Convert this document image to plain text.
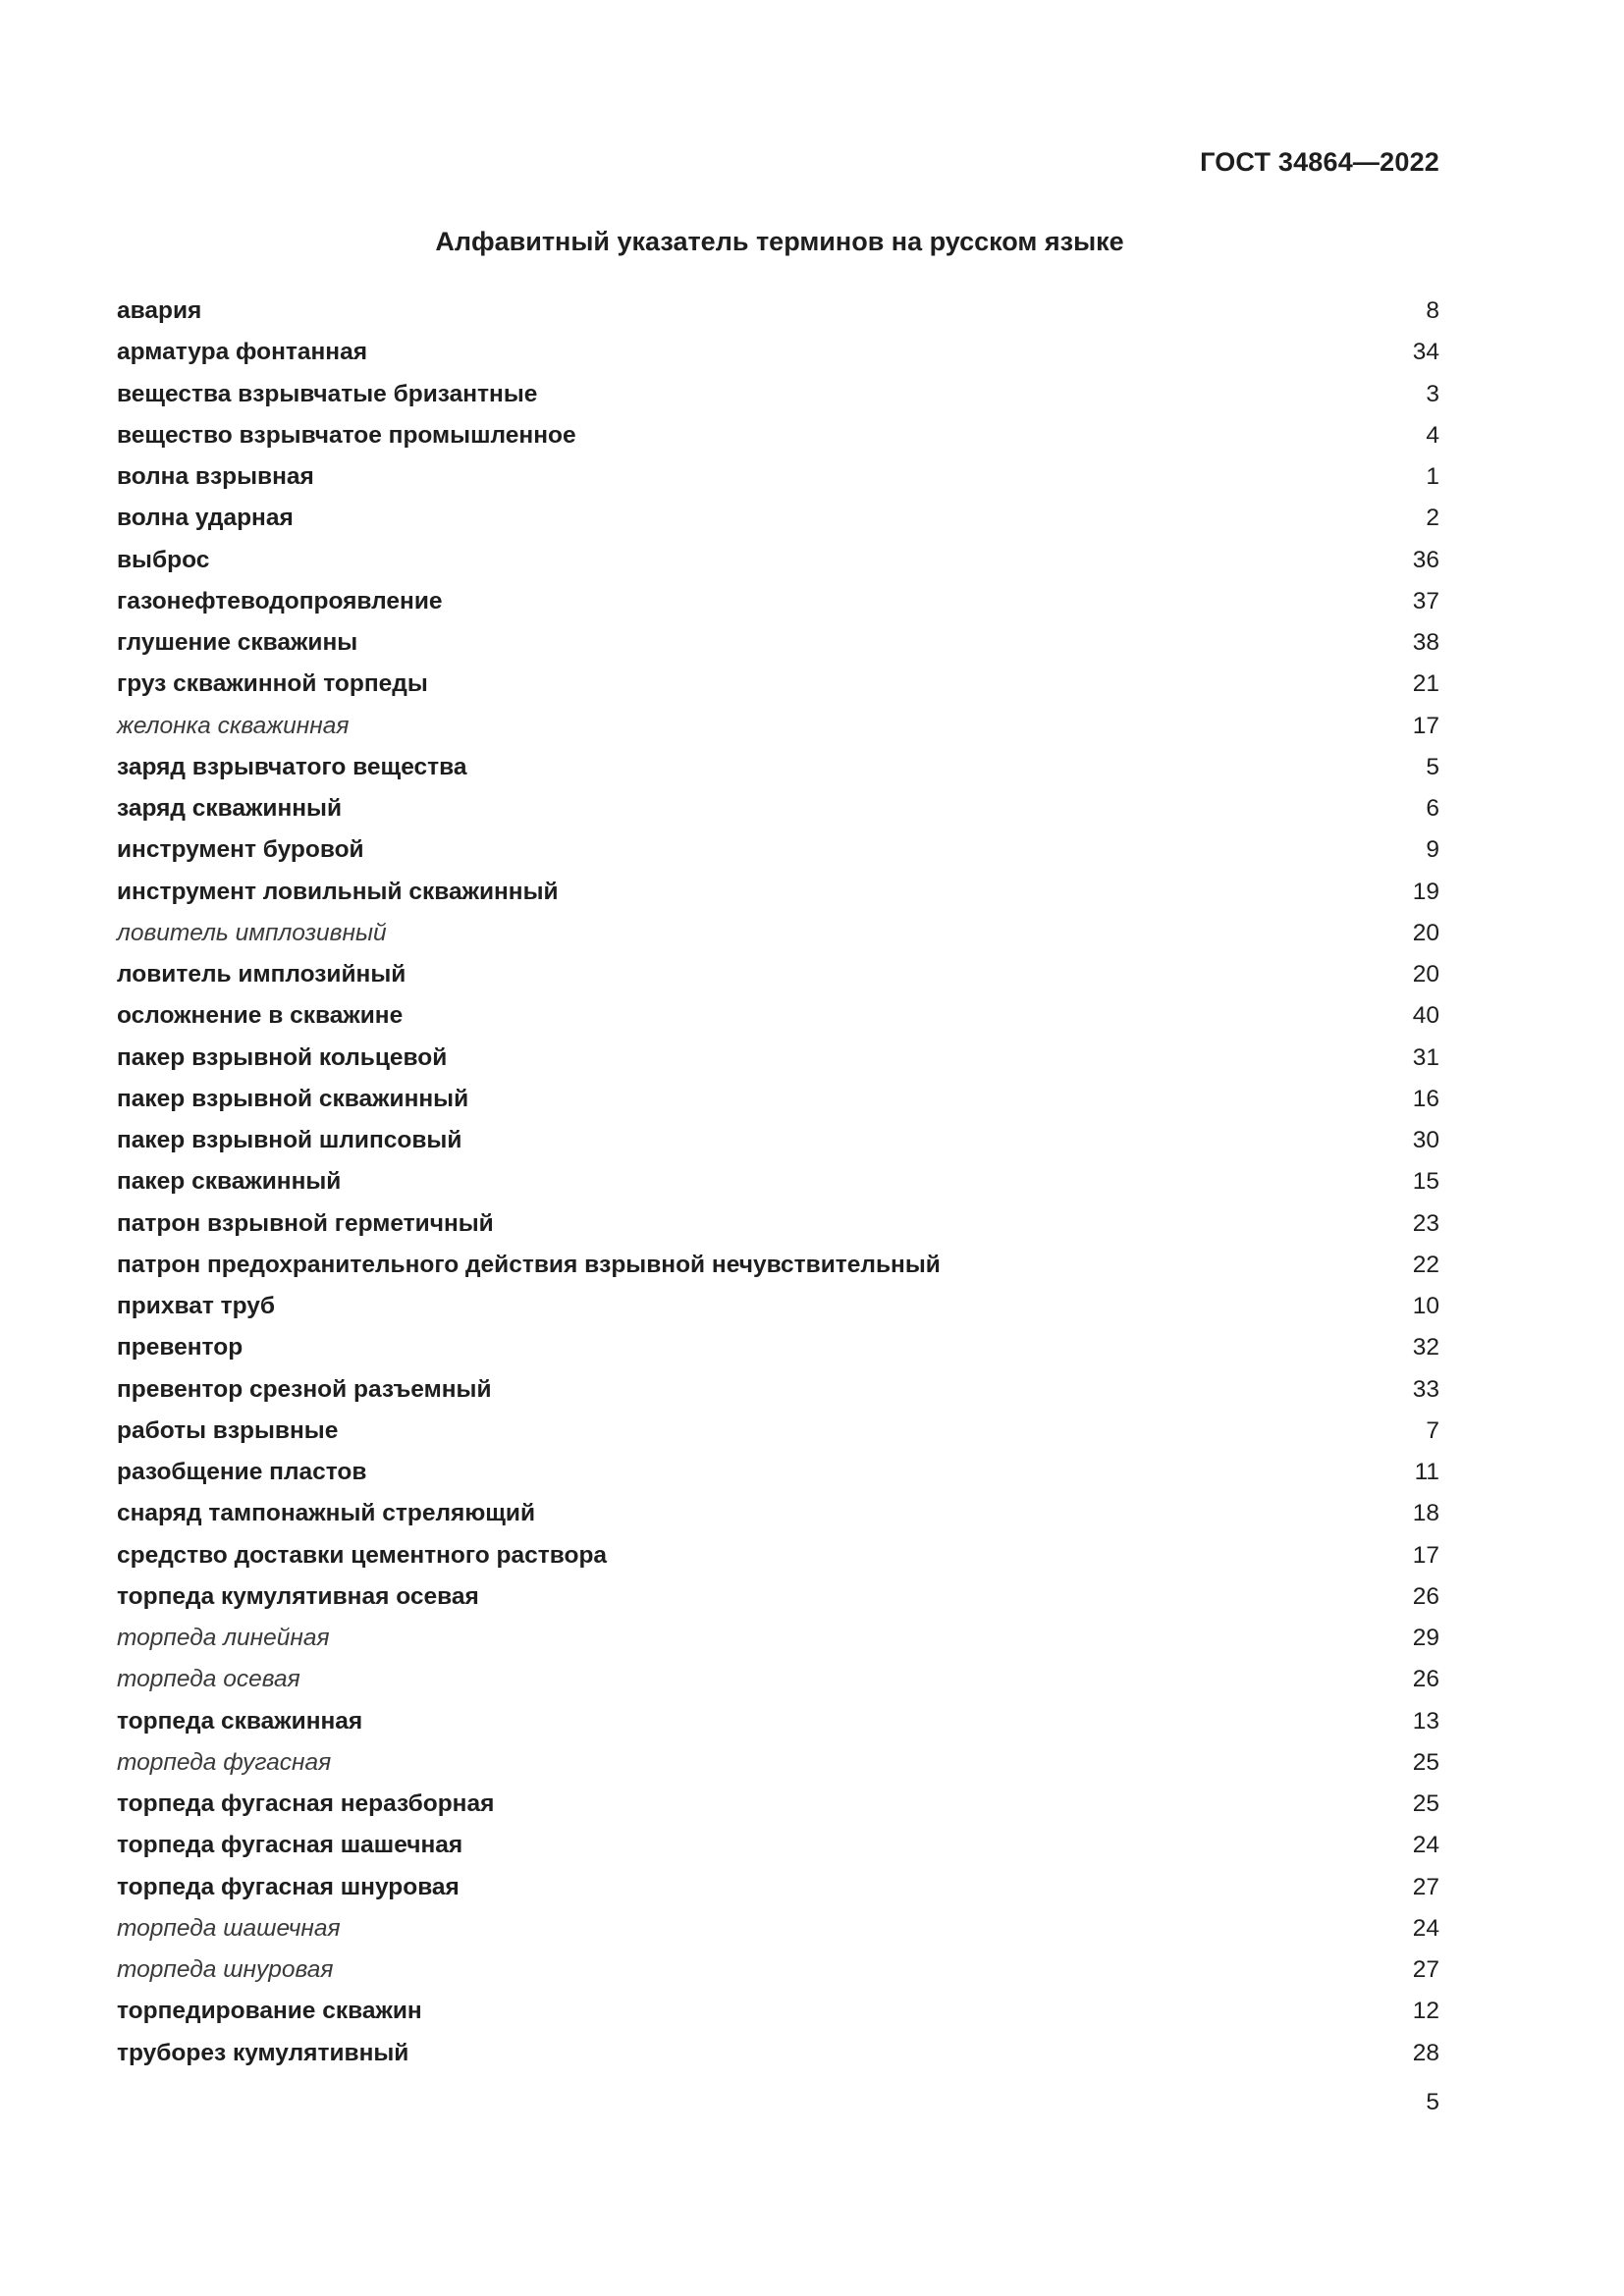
ГОСТ 34864—2022
Алфавитный указатель терминов на русском языке
авария	8
арматура фонтанная	34
вещества взрывчатые бризантные	3
вещество взрывчатое промышленное	4
волна взрывная	1
волна ударная	2
выброс	36
газонефтеводопроявление	37
глушение скважины	38
груз скважинной торпеды	21
желонка скважинная	17
заряд взрывчатого вещества	5
заряд скважинный	6
инструмент буровой	9
инструмент ловильный скважинный	19
ловитель имплозивный	20
ловитель имплозийный	20
осложнение в скважине	40
пакер взрывной кольцевой	31
пакер взрывной скважинный	16
пакер взрывной шлипсовый	30
пакер скважинный	15
патрон взрывной герметичный	23
патрон предохранительного действия взрывной нечувствительный	22
прихват труб	10
превентор	32
превентор срезной разъемный	33
работы взрывные	7
разобщение пластов	11
снаряд тампонажный стреляющий	18
средство доставки цементного раствора	17
торпеда кумулятивная осевая	26
торпеда линейная	29
торпеда осевая	26
торпеда скважинная	13
торпеда фугасная	25
торпеда фугасная неразборная	25
торпеда фугасная шашечная	24
торпеда фугасная шнуровая	27
торпеда шашечная	24
торпеда шнуровая	27
торпедирование скважин	12
труборез кумулятивный	28
5
